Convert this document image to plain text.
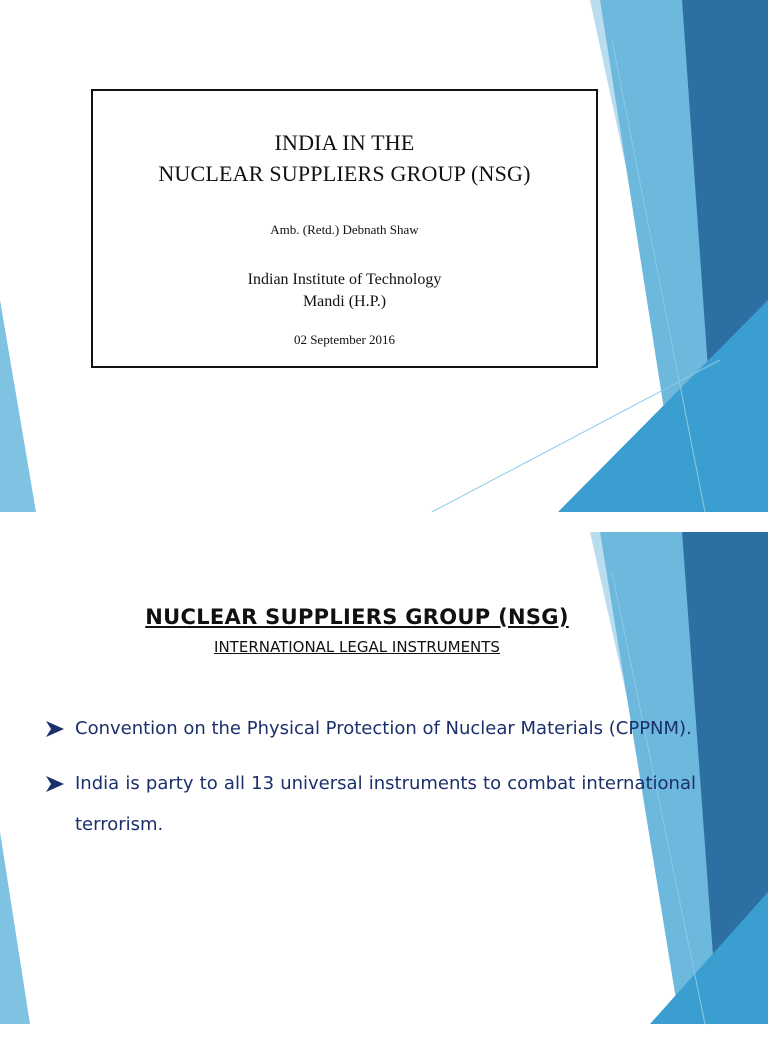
INDIA IN THE
NUCLEAR SUPPLIERS GROUP (NSG)
Amb. (Retd.) Debnath Shaw
Indian Institute of Technology
Mandi (H.P.)
02 September 2016
NUCLEAR SUPPLIERS GROUP (NSG)
INTERNATIONAL LEGAL INSTRUMENTS
Convention on the Physical Protection of Nuclear Materials (CPPNM).
India is party to all 13 universal instruments to combat international terrorism.
